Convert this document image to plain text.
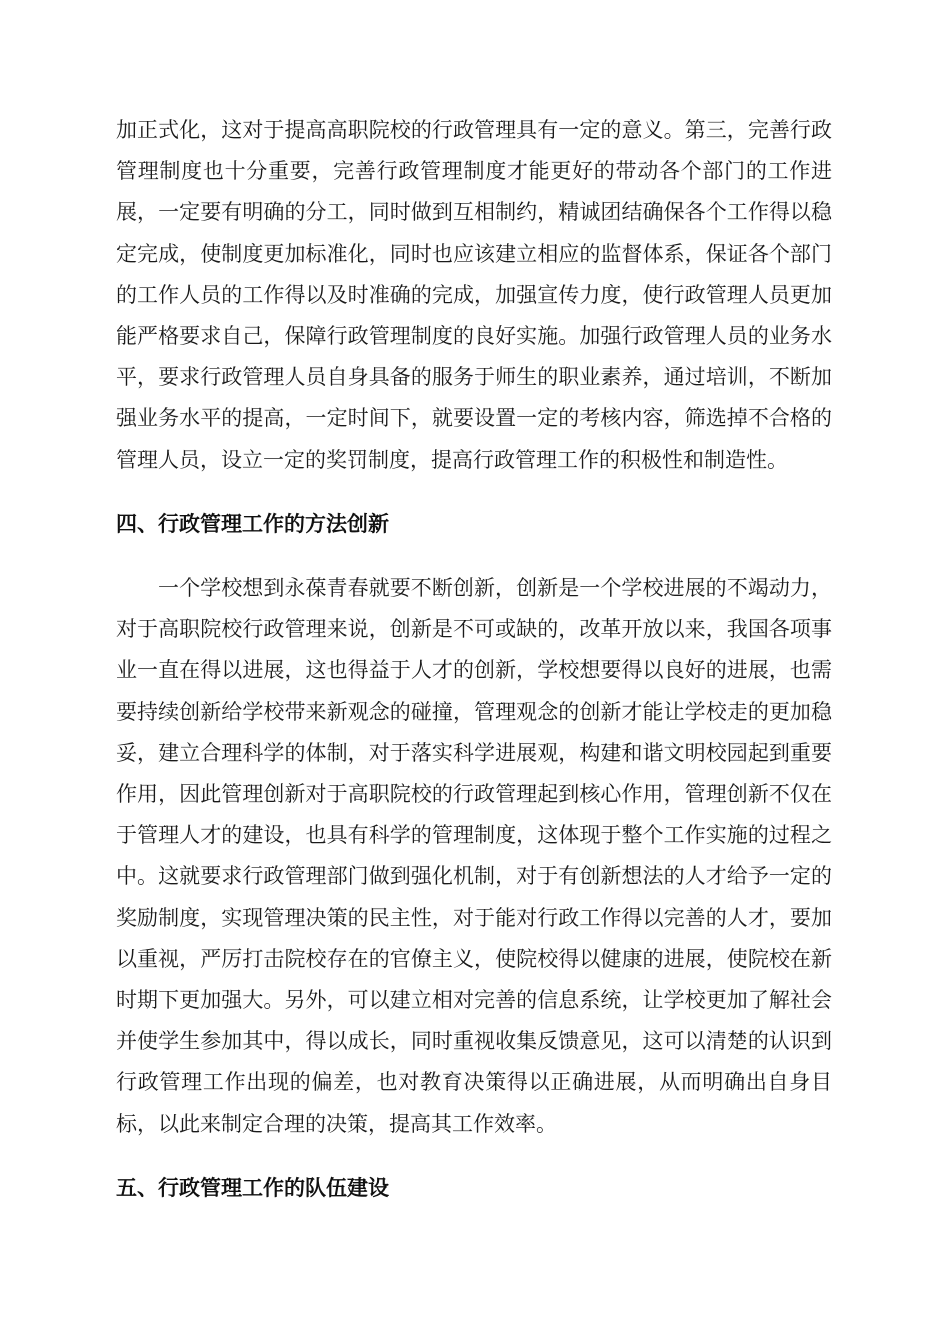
加正式化，这对于提高高职院校的行政管理具有一定的意义。第三，完善行政管理制度也十分重要，完善行政管理制度才能更好的带动各个部门的工作进展，一定要有明确的分工，同时做到互相制约，精诚团结确保各个工作得以稳定完成，使制度更加标准化，同时也应该建立相应的监督体系，保证各个部门的工作人员的工作得以及时准确的完成，加强宣传力度，使行政管理人员更加能严格要求自己，保障行政管理制度的良好实施。加强行政管理人员的业务水平，要求行政管理人员自身具备的服务于师生的职业素养，通过培训，不断加强业务水平的提高，一定时间下，就要设置一定的考核内容，筛选掉不合格的管理人员，设立一定的奖罚制度，提高行政管理工作的积极性和制造性。

四、行政管理工作的方法创新

一个学校想到永葆青春就要不断创新，创新是一个学校进展的不竭动力，对于高职院校行政管理来说，创新是不可或缺的，改革开放以来，我国各项事业一直在得以进展，这也得益于人才的创新，学校想要得以良好的进展，也需要持续创新给学校带来新观念的碰撞，管理观念的创新才能让学校走的更加稳妥，建立合理科学的体制，对于落实科学进展观，构建和谐文明校园起到重要作用，因此管理创新对于高职院校的行政管理起到核心作用，管理创新不仅在于管理人才的建设，也具有科学的管理制度，这体现于整个工作实施的过程之中。这就要求行政管理部门做到强化机制，对于有创新想法的人才给予一定的奖励制度，实现管理决策的民主性，对于能对行政工作得以完善的人才，要加以重视，严厉打击院校存在的官僚主义，使院校得以健康的进展，使院校在新时期下更加强大。另外，可以建立相对完善的信息系统，让学校更加了解社会并使学生参加其中，得以成长，同时重视收集反馈意见，这可以清楚的认识到行政管理工作出现的偏差，也对教育决策得以正确进展，从而明确出自身目标，以此来制定合理的决策，提高其工作效率。

五、行政管理工作的队伍建设
